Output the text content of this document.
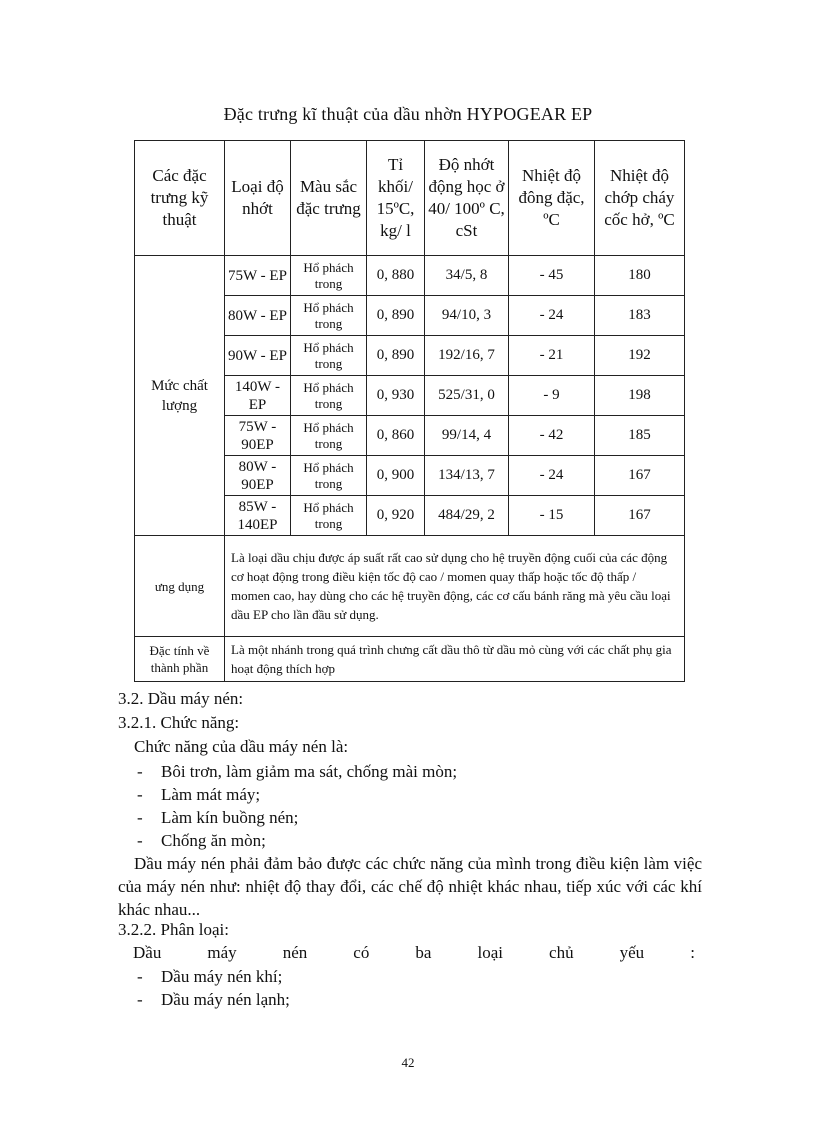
Đặc trưng kĩ thuật của dầu nhờn HYPOGEAR EP
Các đặc trưng kỹ thuật	Loại độ nhớt	Màu sắc đặc trưng	Tỉ khối/ 15ºC, kg/ l	Độ nhớt động học ở 40/ 100º C, cSt	Nhiệt độ đông đặc, ºC	Nhiệt độ chớp cháy cốc hở, ºC
Mức chất lượng	75W - EP	Hổ phách trong	0, 880	34/5, 8	- 45	180
	80W - EP	Hổ phách trong	0, 890	94/10, 3	- 24	183
	90W - EP	Hổ phách trong	0, 890	192/16, 7	- 21	192
	140W - EP	Hổ phách trong	0, 930	525/31, 0	- 9	198
	75W - 90EP	Hổ phách trong	0, 860	99/14, 4	- 42	185
	80W - 90EP	Hổ phách trong	0, 900	134/13, 7	- 24	167
	85W - 140EP	Hổ phách trong	0, 920	484/29, 2	- 15	167
ưng dụng	Là loại dầu chịu được áp suất rất cao sử dụng cho hệ truyền động cuối của các động cơ hoạt động trong điều kiện tốc độ cao / momen quay thấp hoặc tốc độ thấp / momen cao, hay dùng cho các hệ truyền động, các cơ cấu bánh răng mà yêu cầu loại dầu EP cho lần đầu sử dụng.					
Đặc tính về thành phần	Là một nhánh trong quá trình chưng cất dầu thô từ dầu mỏ cùng với các chất phụ gia hoạt động thích hợp					
3.2. Dầu máy nén:
3.2.1. Chức năng:
Chức năng của dầu máy nén là:
- Bôi trơn, làm giảm ma sát, chống mài mòn;
- Làm mát máy;
- Làm kín buồng nén;
- Chống ăn mòn;
Dầu máy nén phải đảm bảo được các chức năng của mình trong điều kiện làm việc của máy nén như: nhiệt độ thay đổi, các chế độ nhiệt khác nhau, tiếp xúc với các khí khác nhau...
3.2.2. Phân loại:
Dầu	máy	nén	có	ba	loại	chủ	yếu	:
- Dầu máy nén khí;
- Dầu máy nén lạnh;
42
